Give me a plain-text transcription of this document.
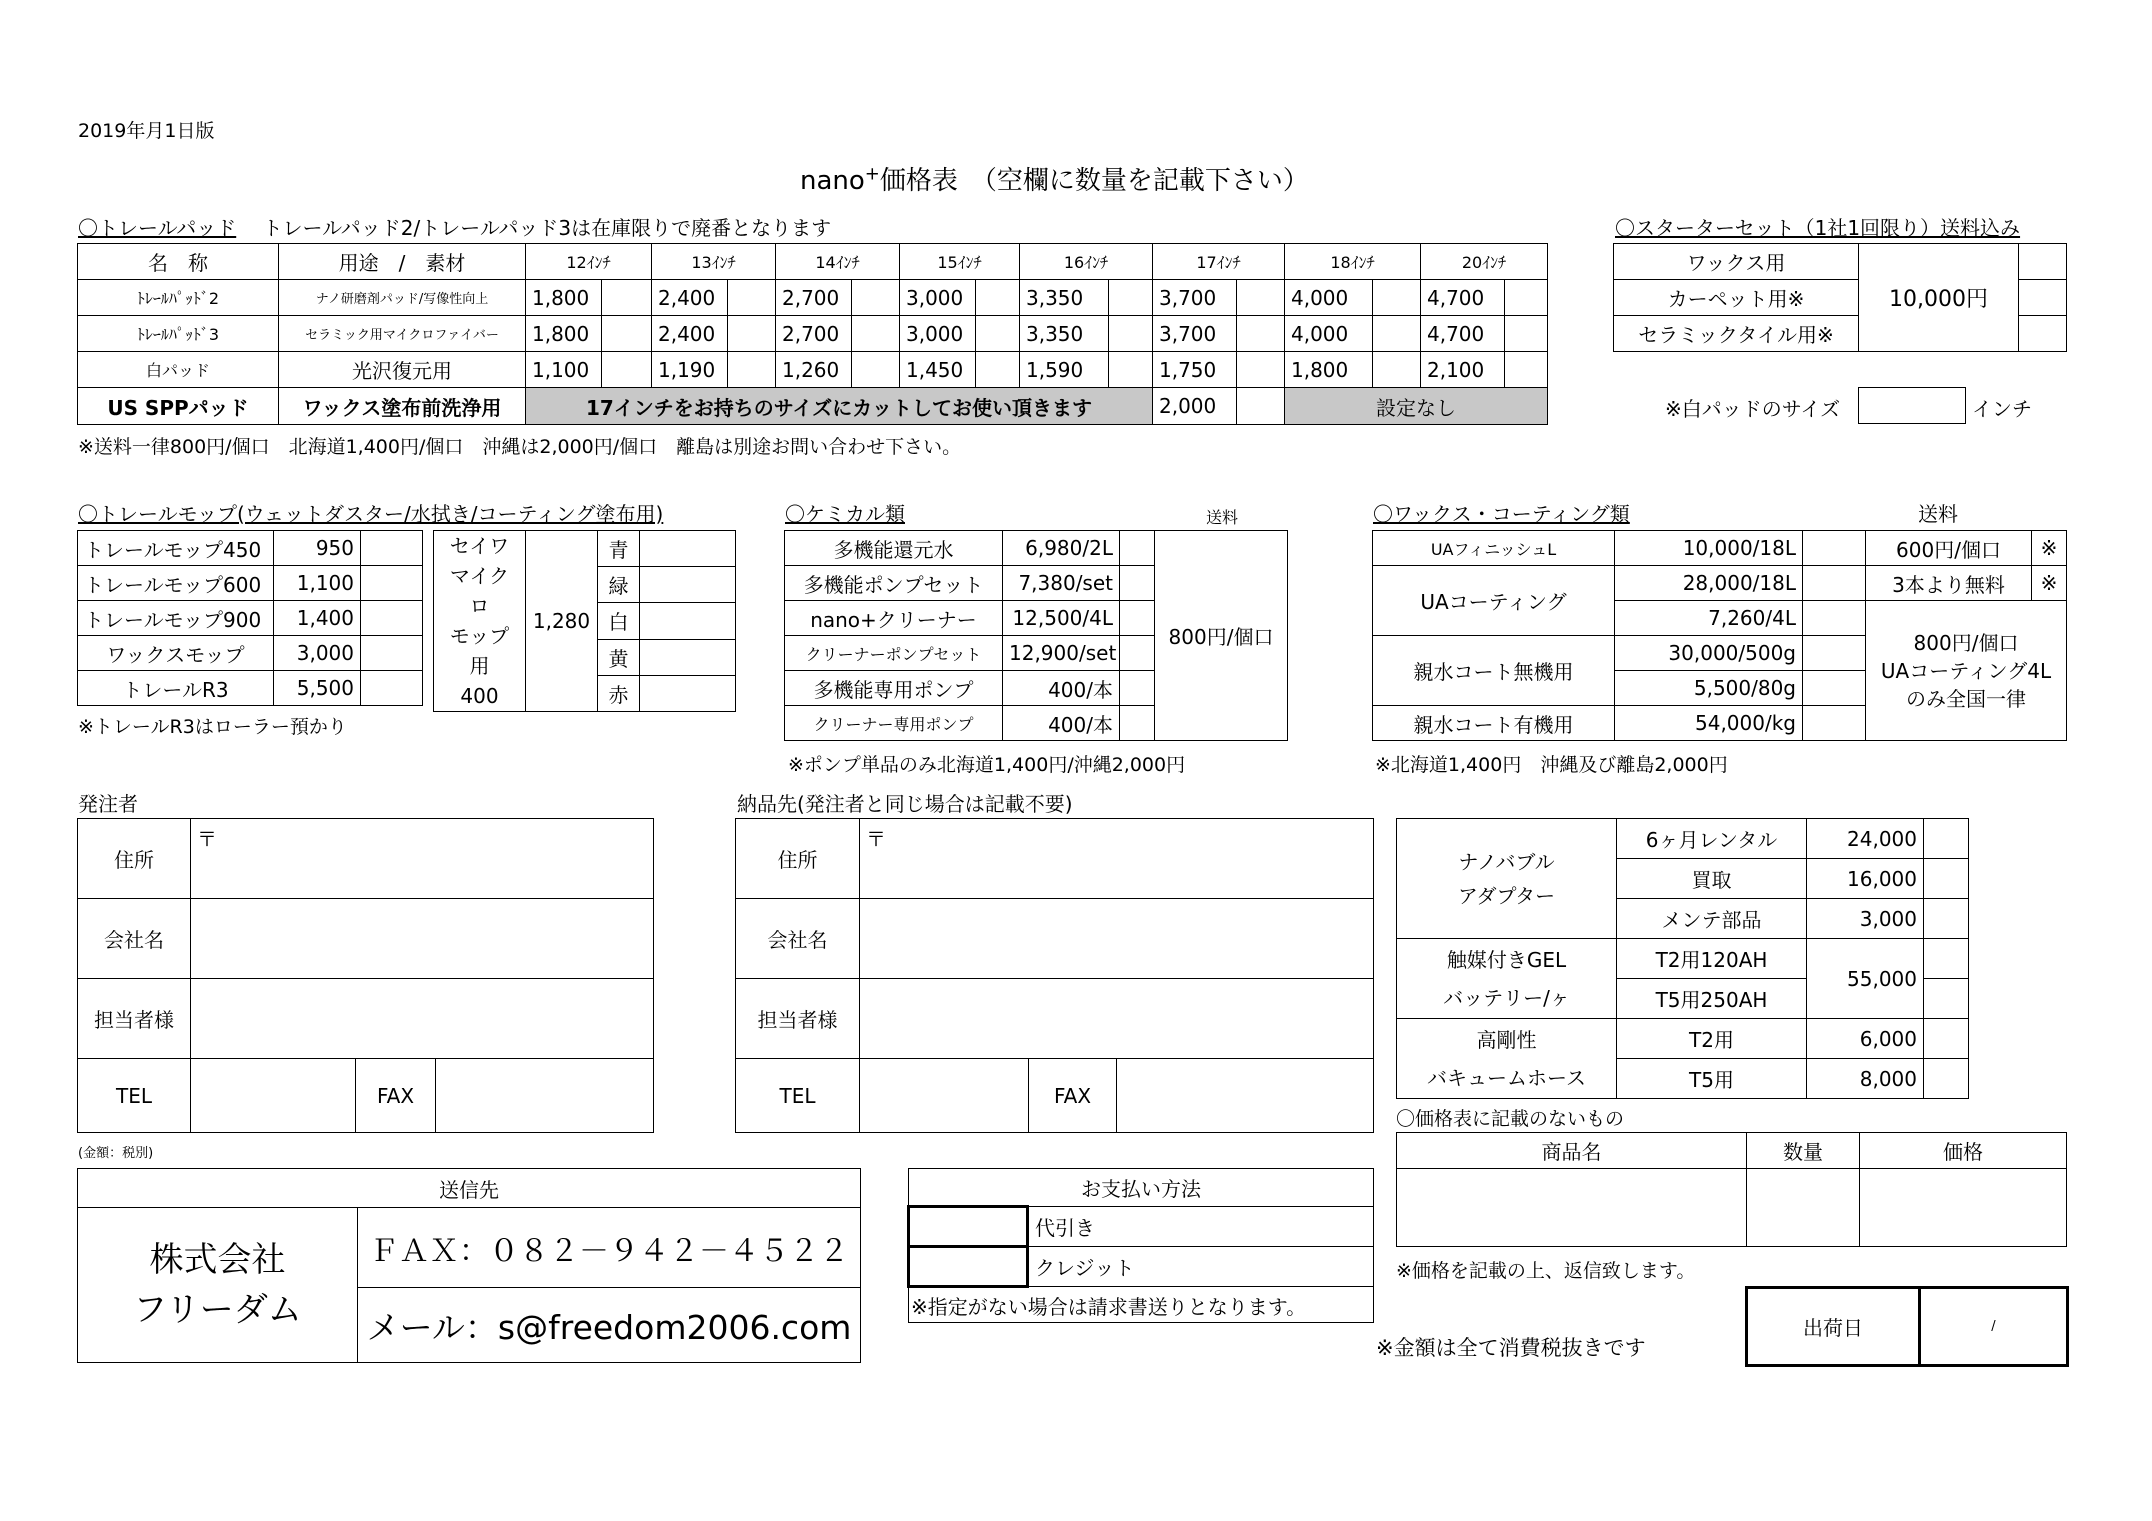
2019年月1日版
nano+価格表　（空欄に数量を記載下さい）
〇トレールパッド トレールパッド2/トレールパッド3は在庫限りで廃番となります
名　称	用途　/　素材	12ｲﾝﾁ		13ｲﾝﾁ		14ｲﾝﾁ		15ｲﾝﾁ		16ｲﾝﾁ		17ｲﾝﾁ		18ｲﾝﾁ		20ｲﾝﾁ	
ﾄﾚｰﾙﾊﾟｯﾄﾞ2	ナノ研磨剤パッド/写像性向上	1,800		2,400		2,700		3,000		3,350		3,700		4,000		4,700	
ﾄﾚｰﾙﾊﾟｯﾄﾞ3	セラミック用マイクロファイバー	1,800		2,400		2,700		3,000		3,350		3,700		4,000		4,700	
白パッド	光沢復元用	1,100		1,190		1,260		1,450		1,590		1,750		1,800		2,100	
US SPPパッド	ワックス塗布前洗浄用	17インチをお持ちのサイズにカットしてお使い頂きます										2,000		設定なし			
※送料一律800円/個口　北海道1,400円/個口　沖縄は2,000円/個口　離島は別途お問い合わせ下さい。
〇スターターセット（1社1回限り）送料込み
ワックス用	10,000円	
カーペット用※		
セラミックタイル用※		
※白パッドのサイズ	インチ
〇トレールモップ(ウェットダスター/水拭き/コーティング塗布用)
トレールモップ450	950	
トレールモップ600	1,100	
トレールモップ900	1,400	
ワックスモップ	3,000	
トレールR3	5,500	
セイワ
マイクロ
モップ用
400	1,280	青	
		緑	
		白	
		黄	
		赤	
※トレールR3はローラー預かり
〇ケミカル類	送料
多機能還元水	6,980/2L		800円/個口
多機能ポンプセット	7,380/set		
nano+クリーナー	12,500/4L		
クリーナーポンプセット	12,900/set		
多機能専用ポンプ	400/本		
クリーナー専用ポンプ	400/本		
※ポンプ単品のみ北海道1,400円/沖縄2,000円
〇ワックス・コーティング類	送料
UAフィニッシュL	10,000/18L		600円/個口	※
UAコーティング	28,000/18L		3本より無料	※
	7,260/4L		800円/個口
UAコーティング4L
のみ全国一律	

親水コート無機用	30,000/500g			
	5,500/80g			
親水コート有機用	54,000/kg			
※北海道1,400円　沖縄及び離島2,000円
発注者
住所	〒		
会社名			
担当者様			
TEL		FAX	
納品先(発注者と同じ場合は記載不要)
住所	〒		
会社名			
担当者様			
TEL		FAX	
ナノバブル
アダプター	6ヶ月レンタル	24,000	
	買取	16,000	
	メンテ部品	3,000	

触媒付きGEL
バッテリー/ヶ	T2用120AH	55,000	
	T5用250AH		

高剛性
バキュームホース	T2用	6,000	
	T5用	8,000	
〇価格表に記載のないもの
商品名	数量	価格

※価格を記載の上、返信致します。
(金額：税別)
送信先

株式会社
フリーダム
	ＦＡＸ：０８２－９４２－４５２２
メール：s@freedom2006.com
お支払い方法	
	代引き
	クレジット
※指定がない場合は請求書送りとなります。	
※金額は全て消費税抜きです
出荷日	/
